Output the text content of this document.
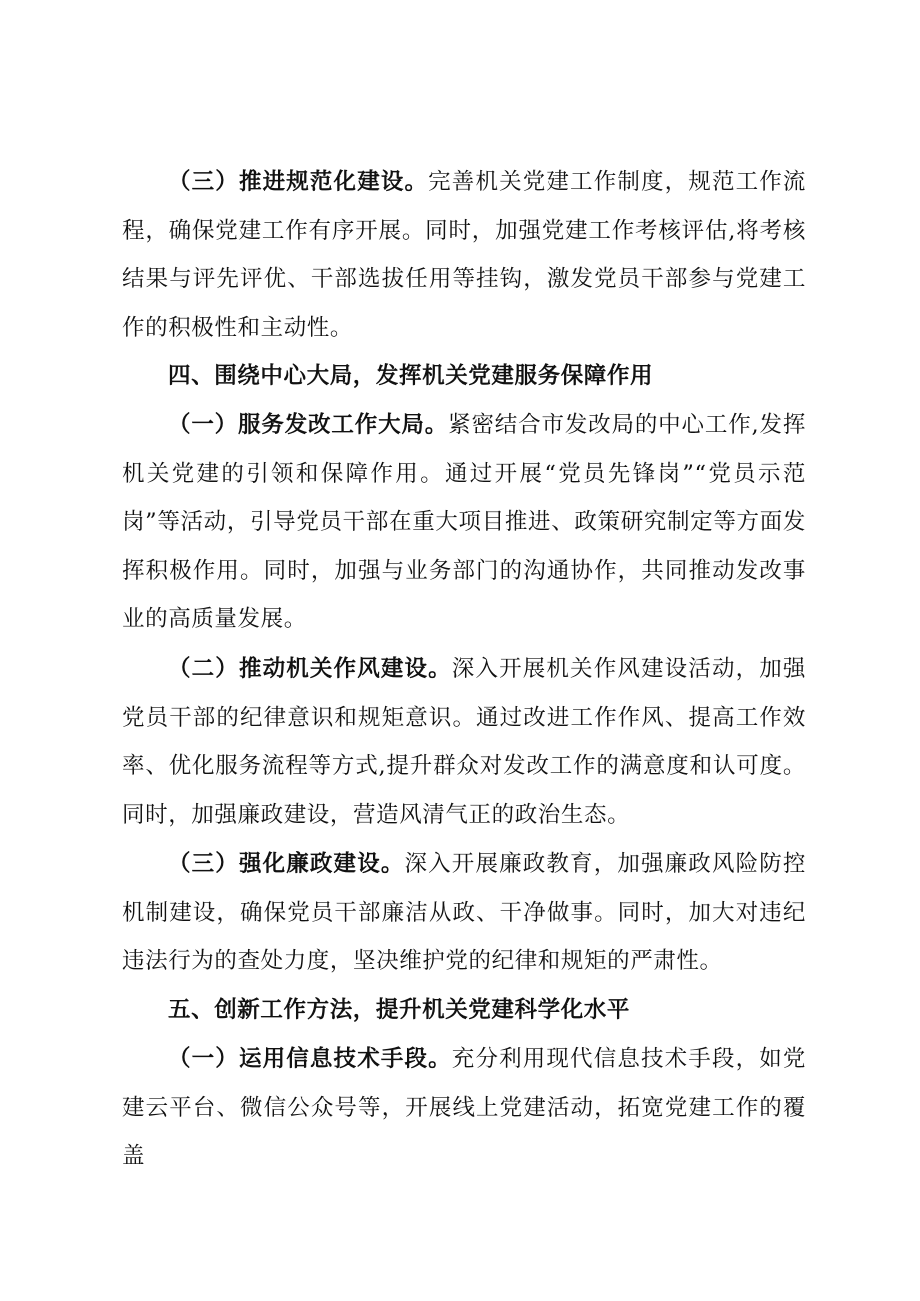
（三）推进规范化建设。完善机关党建工作制度，规范工作流程，确保党建工作有序开展。同时，加强党建工作考核评估,将考核结果与评先评优、干部选拔任用等挂钩，激发党员干部参与党建工作的积极性和主动性。

四、围绕中心大局，发挥机关党建服务保障作用

（一）服务发改工作大局。紧密结合市发改局的中心工作,发挥机关党建的引领和保障作用。通过开展“党员先锋岗”“党员示范岗”等活动，引导党员干部在重大项目推进、政策研究制定等方面发挥积极作用。同时，加强与业务部门的沟通协作，共同推动发改事业的高质量发展。

（二）推动机关作风建设。深入开展机关作风建设活动，加强党员干部的纪律意识和规矩意识。通过改进工作作风、提高工作效率、优化服务流程等方式,提升群众对发改工作的满意度和认可度。同时，加强廉政建设，营造风清气正的政治生态。

（三）强化廉政建设。深入开展廉政教育，加强廉政风险防控机制建设，确保党员干部廉洁从政、干净做事。同时，加大对违纪违法行为的查处力度，坚决维护党的纪律和规矩的严肃性。

五、创新工作方法，提升机关党建科学化水平

（一）运用信息技术手段。充分利用现代信息技术手段，如党建云平台、微信公众号等，开展线上党建活动，拓宽党建工作的覆盖
